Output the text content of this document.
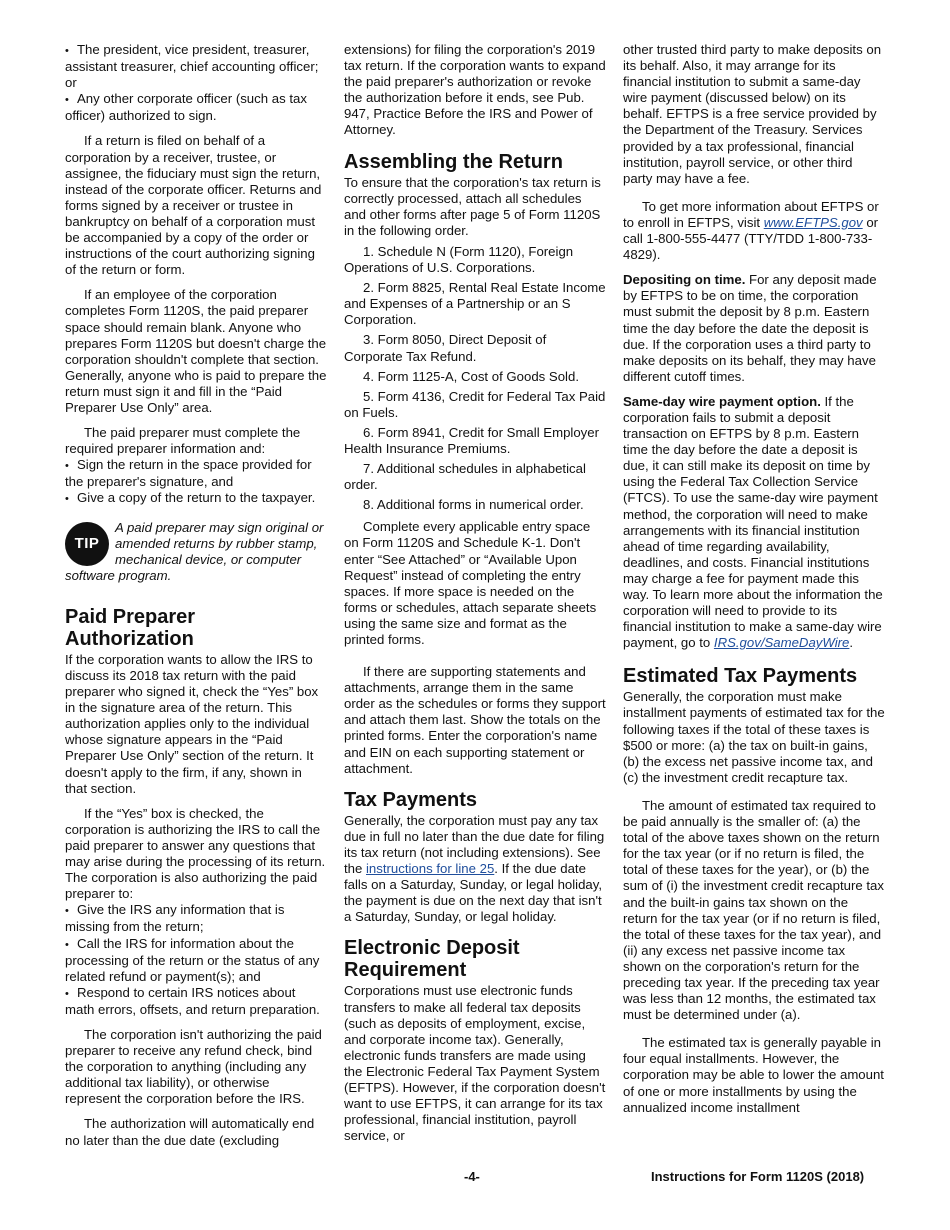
• The president, vice president, treasurer, assistant treasurer, chief accounting officer; or
• Any other corporate officer (such as tax officer) authorized to sign.

If a return is filed on behalf of a corporation by a receiver, trustee, or assignee, the fiduciary must sign the return, instead of the corporate officer. Returns and forms signed by a receiver or trustee in bankruptcy on behalf of a corporation must be accompanied by a copy of the order or instructions of the court authorizing signing of the return or form.

If an employee of the corporation completes Form 1120S, the paid preparer space should remain blank. Anyone who prepares Form 1120S but doesn't charge the corporation shouldn't complete that section. Generally, anyone who is paid to prepare the return must sign it and fill in the “Paid Preparer Use Only” area.

The paid preparer must complete the required preparer information and:

• Sign the return in the space provided for the preparer's signature, and
• Give a copy of the return to the taxpayer.
TIP
A paid preparer may sign original or amended returns by rubber stamp, mechanical device, or computer software program.
Paid Preparer Authorization

If the corporation wants to allow the IRS to discuss its 2018 tax return with the paid preparer who signed it, check the “Yes” box in the signature area of the return. This authorization applies only to the individual whose signature appears in the “Paid Preparer Use Only” section of the return. It doesn't apply to the firm, if any, shown in that section.

If the “Yes” box is checked, the corporation is authorizing the IRS to call the paid preparer to answer any questions that may arise during the processing of its return. The corporation is also authorizing the paid preparer to:

• Give the IRS any information that is missing from the return;
• Call the IRS for information about the processing of the return or the status of any related refund or payment(s); and
• Respond to certain IRS notices about math errors, offsets, and return preparation.

The corporation isn't authorizing the paid preparer to receive any refund check, bind the corporation to anything (including any additional tax liability), or otherwise represent the corporation before the IRS.

The authorization will automatically end no later than the due date (excluding

extensions) for filing the corporation's 2019 tax return. If the corporation wants to expand the paid preparer's authorization or revoke the authorization before it ends, see Pub. 947, Practice Before the IRS and Power of Attorney.

Assembling the Return

To ensure that the corporation's tax return is correctly processed, attach all schedules and other forms after page 5 of Form 1120S in the following order.

1. Schedule N (Form 1120), Foreign Operations of U.S. Corporations.

2. Form 8825, Rental Real Estate Income and Expenses of a Partnership or an S Corporation.

3. Form 8050, Direct Deposit of Corporate Tax Refund.

4. Form 1125-A, Cost of Goods Sold.

5. Form 4136, Credit for Federal Tax Paid on Fuels.

6. Form 8941, Credit for Small Employer Health Insurance Premiums.

7. Additional schedules in alphabetical order.

8. Additional forms in numerical order.

Complete every applicable entry space on Form 1120S and Schedule K-1. Don't enter “See Attached” or “Available Upon Request” instead of completing the entry spaces. If more space is needed on the forms or schedules, attach separate sheets using the same size and format as the printed forms.

If there are supporting statements and attachments, arrange them in the same order as the schedules or forms they support and attach them last. Show the totals on the printed forms. Enter the corporation's name and EIN on each supporting statement or attachment.

Tax Payments

Generally, the corporation must pay any tax due in full no later than the due date for filing its tax return (not including extensions). See the instructions for line 25. If the due date falls on a Saturday, Sunday, or legal holiday, the payment is due on the next day that isn't a Saturday, Sunday, or legal holiday.

Electronic Deposit Requirement

Corporations must use electronic funds transfers to make all federal tax deposits (such as deposits of employment, excise, and corporate income tax). Generally, electronic funds transfers are made using the Electronic Federal Tax Payment System (EFTPS). However, if the corporation doesn't want to use EFTPS, it can arrange for its tax professional, financial institution, payroll service, or

other trusted third party to make deposits on its behalf. Also, it may arrange for its financial institution to submit a same-day wire payment (discussed below) on its behalf. EFTPS is a free service provided by the Department of the Treasury. Services provided by a tax professional, financial institution, payroll service, or other third party may have a fee.

To get more information about EFTPS or to enroll in EFTPS, visit www.EFTPS.gov or call 1-800-555-4477 (TTY/TDD 1-800-733-4829).

Depositing on time. For any deposit made by EFTPS to be on time, the corporation must submit the deposit by 8 p.m. Eastern time the day before the date the deposit is due. If the corporation uses a third party to make deposits on its behalf, they may have different cutoff times.

Same-day wire payment option. If the corporation fails to submit a deposit transaction on EFTPS by 8 p.m. Eastern time the day before the date a deposit is due, it can still make its deposit on time by using the Federal Tax Collection Service (FTCS). To use the same-day wire payment method, the corporation will need to make arrangements with its financial institution ahead of time regarding availability, deadlines, and costs. Financial institutions may charge a fee for payment made this way. To learn more about the information the corporation will need to provide to its financial institution to make a same-day wire payment, go to IRS.gov/SameDayWire.

Estimated Tax Payments

Generally, the corporation must make installment payments of estimated tax for the following taxes if the total of these taxes is $500 or more: (a) the tax on built-in gains, (b) the excess net passive income tax, and (c) the investment credit recapture tax.

The amount of estimated tax required to be paid annually is the smaller of: (a) the total of the above taxes shown on the return for the tax year (or if no return is filed, the total of these taxes for the year), or (b) the sum of (i) the investment credit recapture tax and the built-in gains tax shown on the return for the tax year (or if no return is filed, the total of these taxes for the tax year), and (ii) any excess net passive income tax shown on the corporation's return for the preceding tax year. If the preceding tax year was less than 12 months, the estimated tax must be determined under (a).

The estimated tax is generally payable in four equal installments. However, the corporation may be able to lower the amount of one or more installments by using the annualized income installment

-4-	Instructions for Form 1120S (2018)
